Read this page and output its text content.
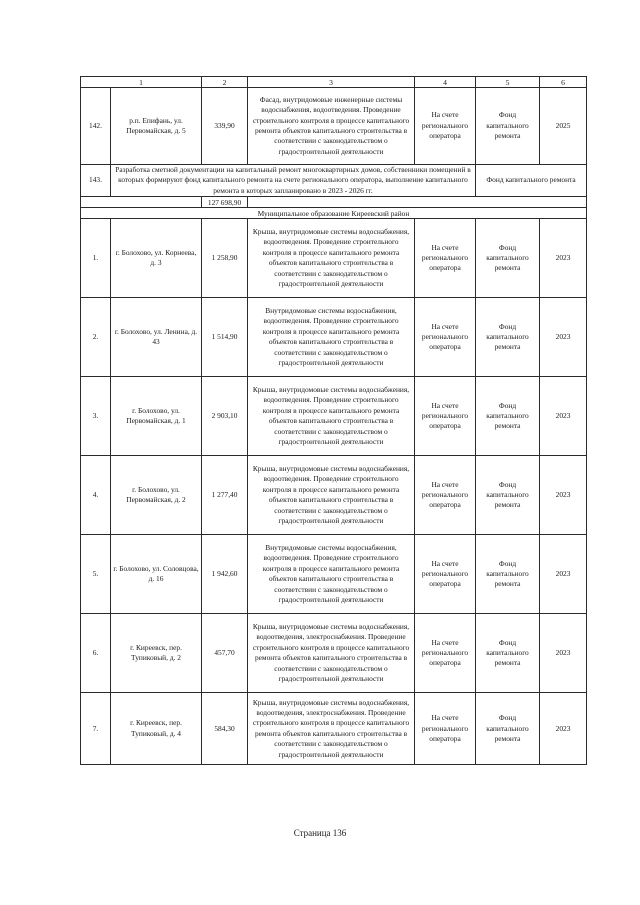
1		2	3	4	5	6
142.	р.п. Епифань, ул. Первомайская, д. 5	339,90	Фасад, внутридомовые инженерные системы водоснабжения, водоотведения. Проведение строительного контроля в процессе капитального ремонта объектов капитального строительства в соответствии с законодательством о градостроительной деятельности	На счете регионального оператора	Фонд капитального ремонта	2025
143.	Разработка сметной документации на капитальный ремонт многоквартирных домов, собственники помещений в которых формируют фонд капитального ремонта на счете регионального оператора, выполнение капитального ремонта в которых запланировано в 2023 - 2026 гг.				Фонд капитального ремонта	
		127 698,90				
Муниципальное образование Киреевский район						
1.	г. Болохово, ул. Корнеева, д. 3	1 258,90	Крыша, внутридомовые системы водоснабжения, водоотведения. Проведение строительного контроля в процессе капитального ремонта объектов капитального строительства в соответствии с законодательством о градостроительной деятельности	На счете регионального оператора	Фонд капитального ремонта	2023
2.	г. Болохово, ул. Ленина, д. 43	1 514,90	Внутридомовые системы водоснабжения, водоотведения. Проведение строительного контроля в процессе капитального ремонта объектов капитального строительства в соответствии с законодательством о градостроительной деятельности	На счете регионального оператора	Фонд капитального ремонта	2023
3.	г. Болохово, ул. Первомайская, д. 1	2 903,10	Крыша, внутридомовые системы водоснабжения, водоотведения. Проведение строительного контроля в процессе капитального ремонта объектов капитального строительства в соответствии с законодательством о градостроительной деятельности	На счете регионального оператора	Фонд капитального ремонта	2023
4.	г. Болохово, ул. Первомайская, д. 2	1 277,40	Крыша, внутридомовые системы водоснабжения, водоотведения. Проведение строительного контроля в процессе капитального ремонта объектов капитального строительства в соответствии с законодательством о градостроительной деятельности	На счете регионального оператора	Фонд капитального ремонта	2023
5.	г. Болохово, ул. Соловцова, д. 16	1 942,60	Внутридомовые системы водоснабжения, водоотведения. Проведение строительного контроля в процессе капитального ремонта объектов капитального строительства в соответствии с законодательством о градостроительной деятельности	На счете регионального оператора	Фонд капитального ремонта	2023
6.	г. Киреевск, пер. Тупиковый, д. 2	457,70	Крыша, внутридомовые системы водоснабжения, водоотведения, электроснабжения. Проведение строительного контроля в процессе капитального ремонта объектов капитального строительства в соответствии с законодательством о градостроительной деятельности	На счете регионального оператора	Фонд капитального ремонта	2023
7.	г. Киреевск, пер. Тупиковый, д. 4	584,30	Крыша, внутридомовые системы водоснабжения, водоотведения, электроснабжения. Проведение строительного контроля в процессе капитального ремонта объектов капитального строительства в соответствии с законодательством о градостроительной деятельности	На счете регионального оператора	Фонд капитального ремонта	2023
Страница 136
